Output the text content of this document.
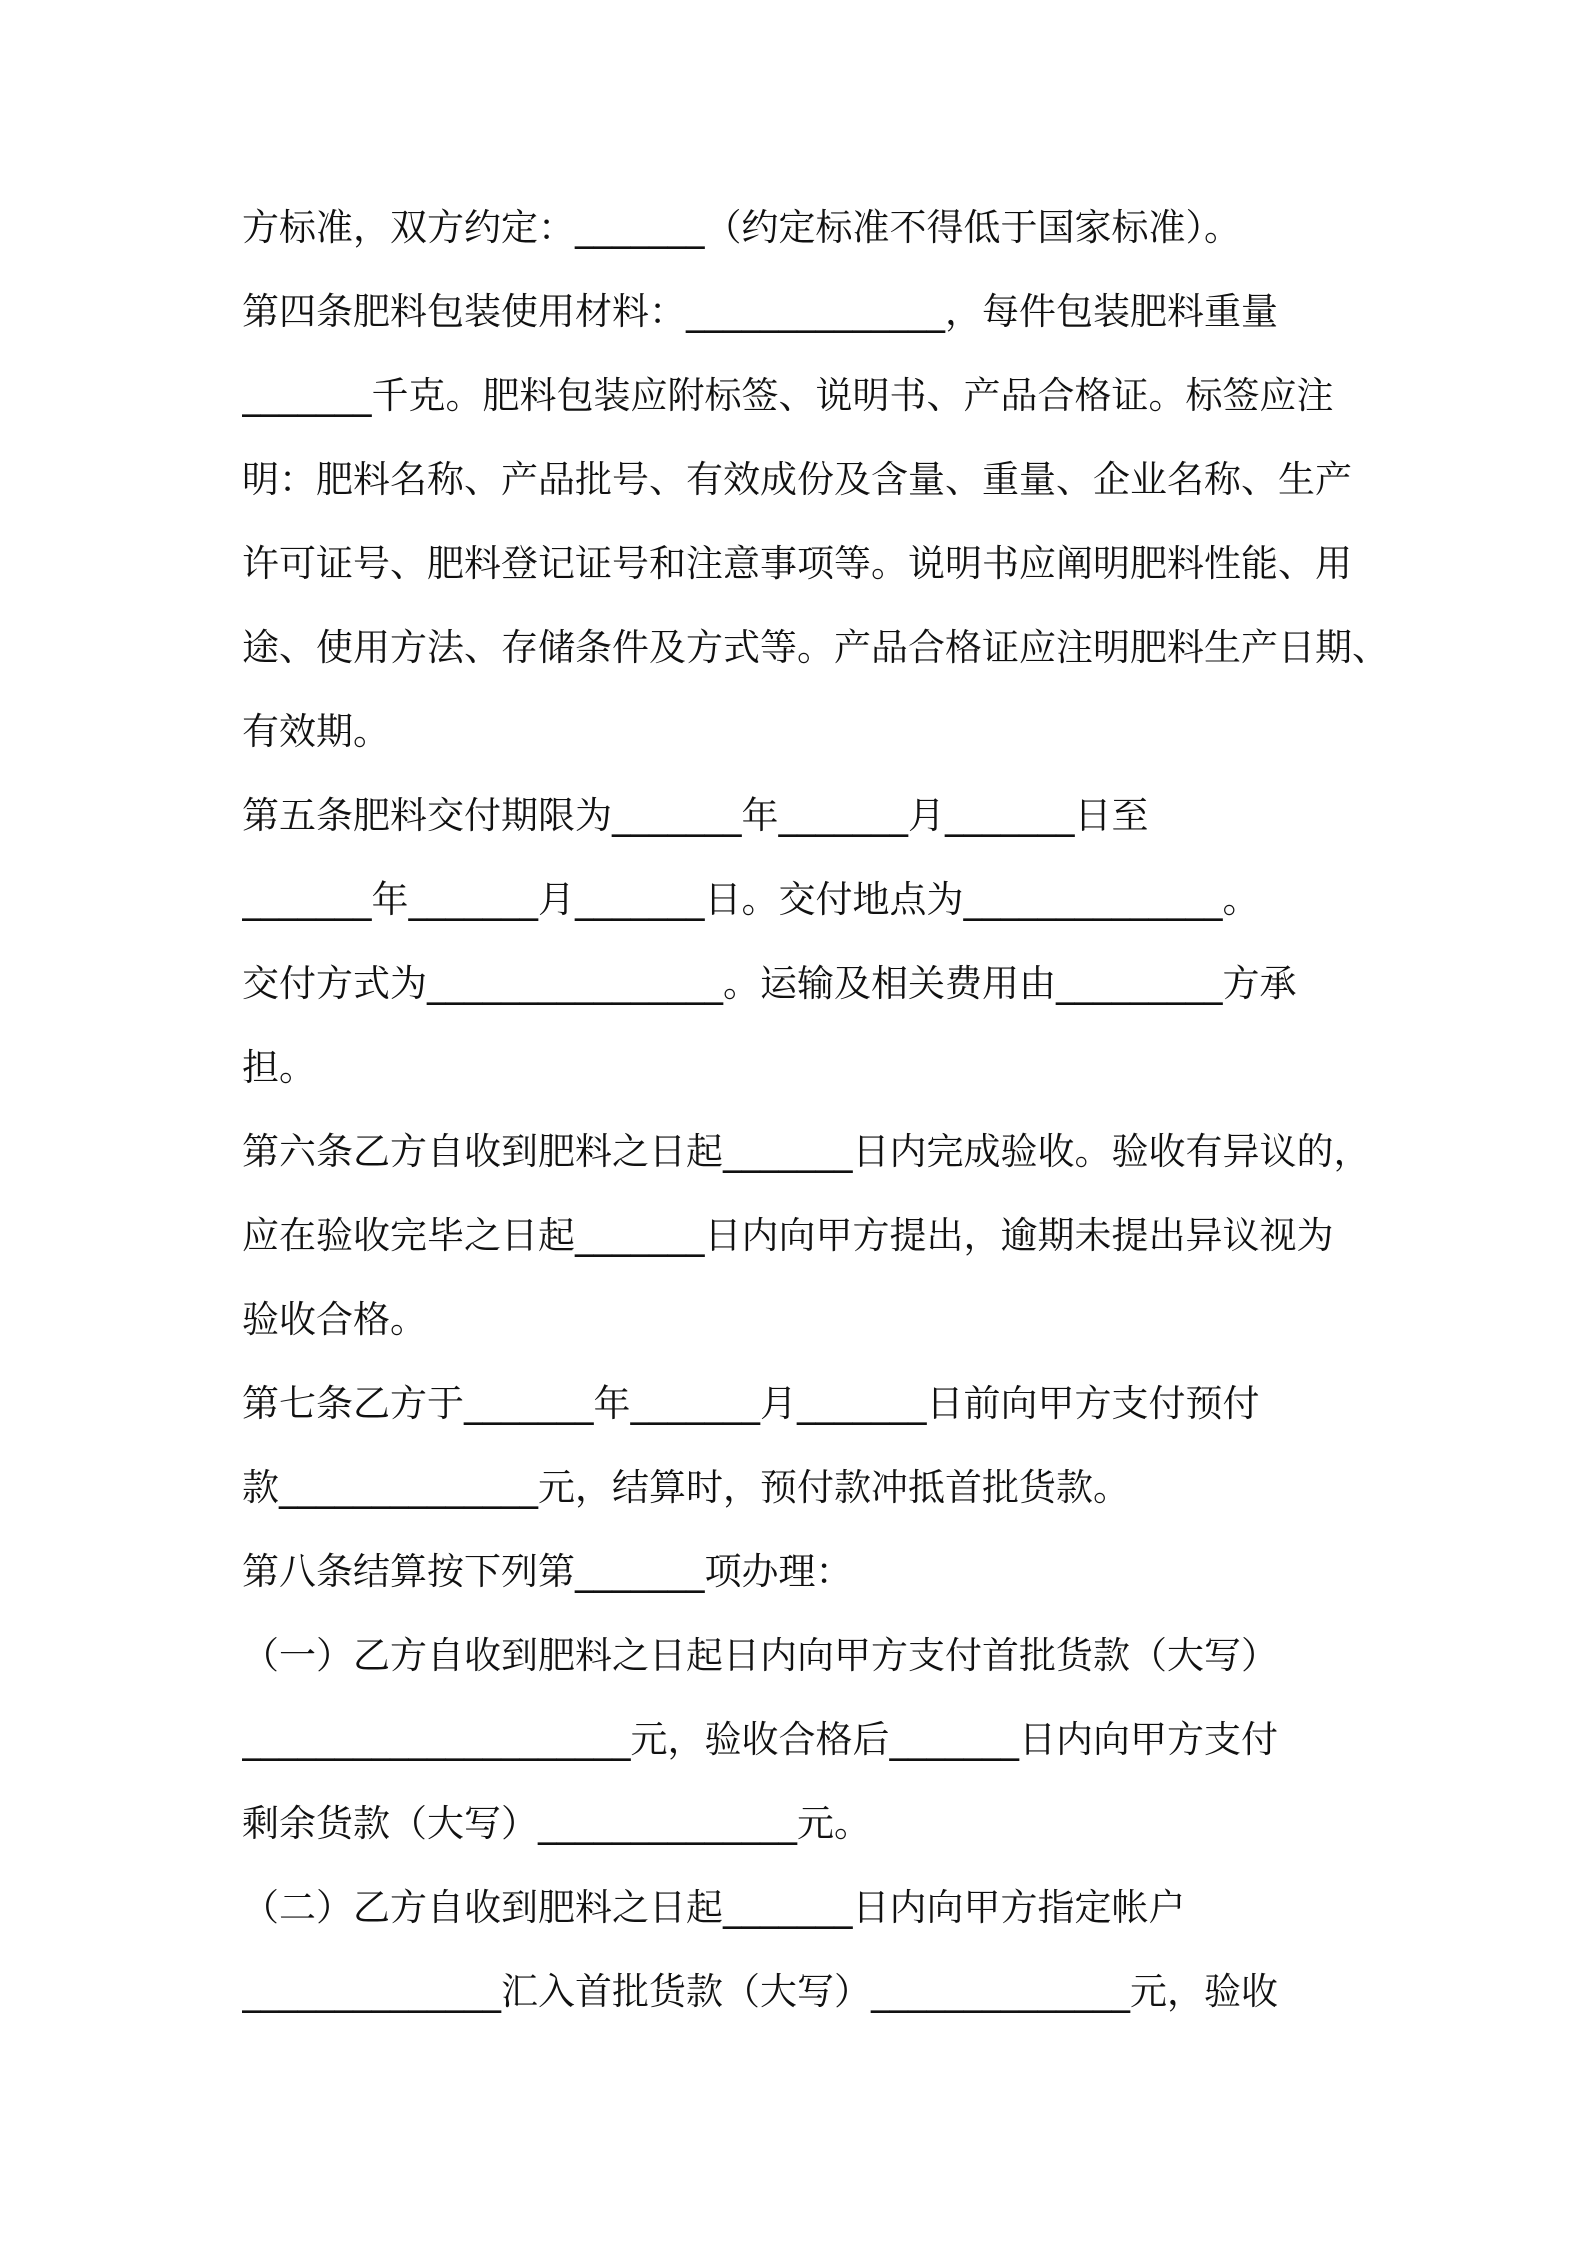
方标准，双方约定：_______（约定标准不得低于国家标准）。
第四条肥料包装使用材料：______________，每件包装肥料重量
_______千克。肥料包装应附标签、说明书、产品合格证。标签应注
明：肥料名称、产品批号、有效成份及含量、重量、企业名称、生产
许可证号、肥料登记证号和注意事项等。说明书应阐明肥料性能、用
途、使用方法、存储条件及方式等。产品合格证应注明肥料生产日期、
有效期。
第五条肥料交付期限为_______年_______月_______日至
_______年_______月_______日。交付地点为______________。
交付方式为________________。运输及相关费用由_________方承
担。
第六条乙方自收到肥料之日起_______日内完成验收。验收有异议的，
应在验收完毕之日起_______日内向甲方提出，逾期未提出异议视为
验收合格。
第七条乙方于_______年_______月_______日前向甲方支付预付
款______________元，结算时，预付款冲抵首批货款。
第八条结算按下列第_______项办理：
（一）乙方自收到肥料之日起日内向甲方支付首批货款（大写）
_____________________元，验收合格后_______日内向甲方支付
剩余货款（大写）______________元。
（二）乙方自收到肥料之日起_______日内向甲方指定帐户
______________汇入首批货款（大写）______________元，验收
